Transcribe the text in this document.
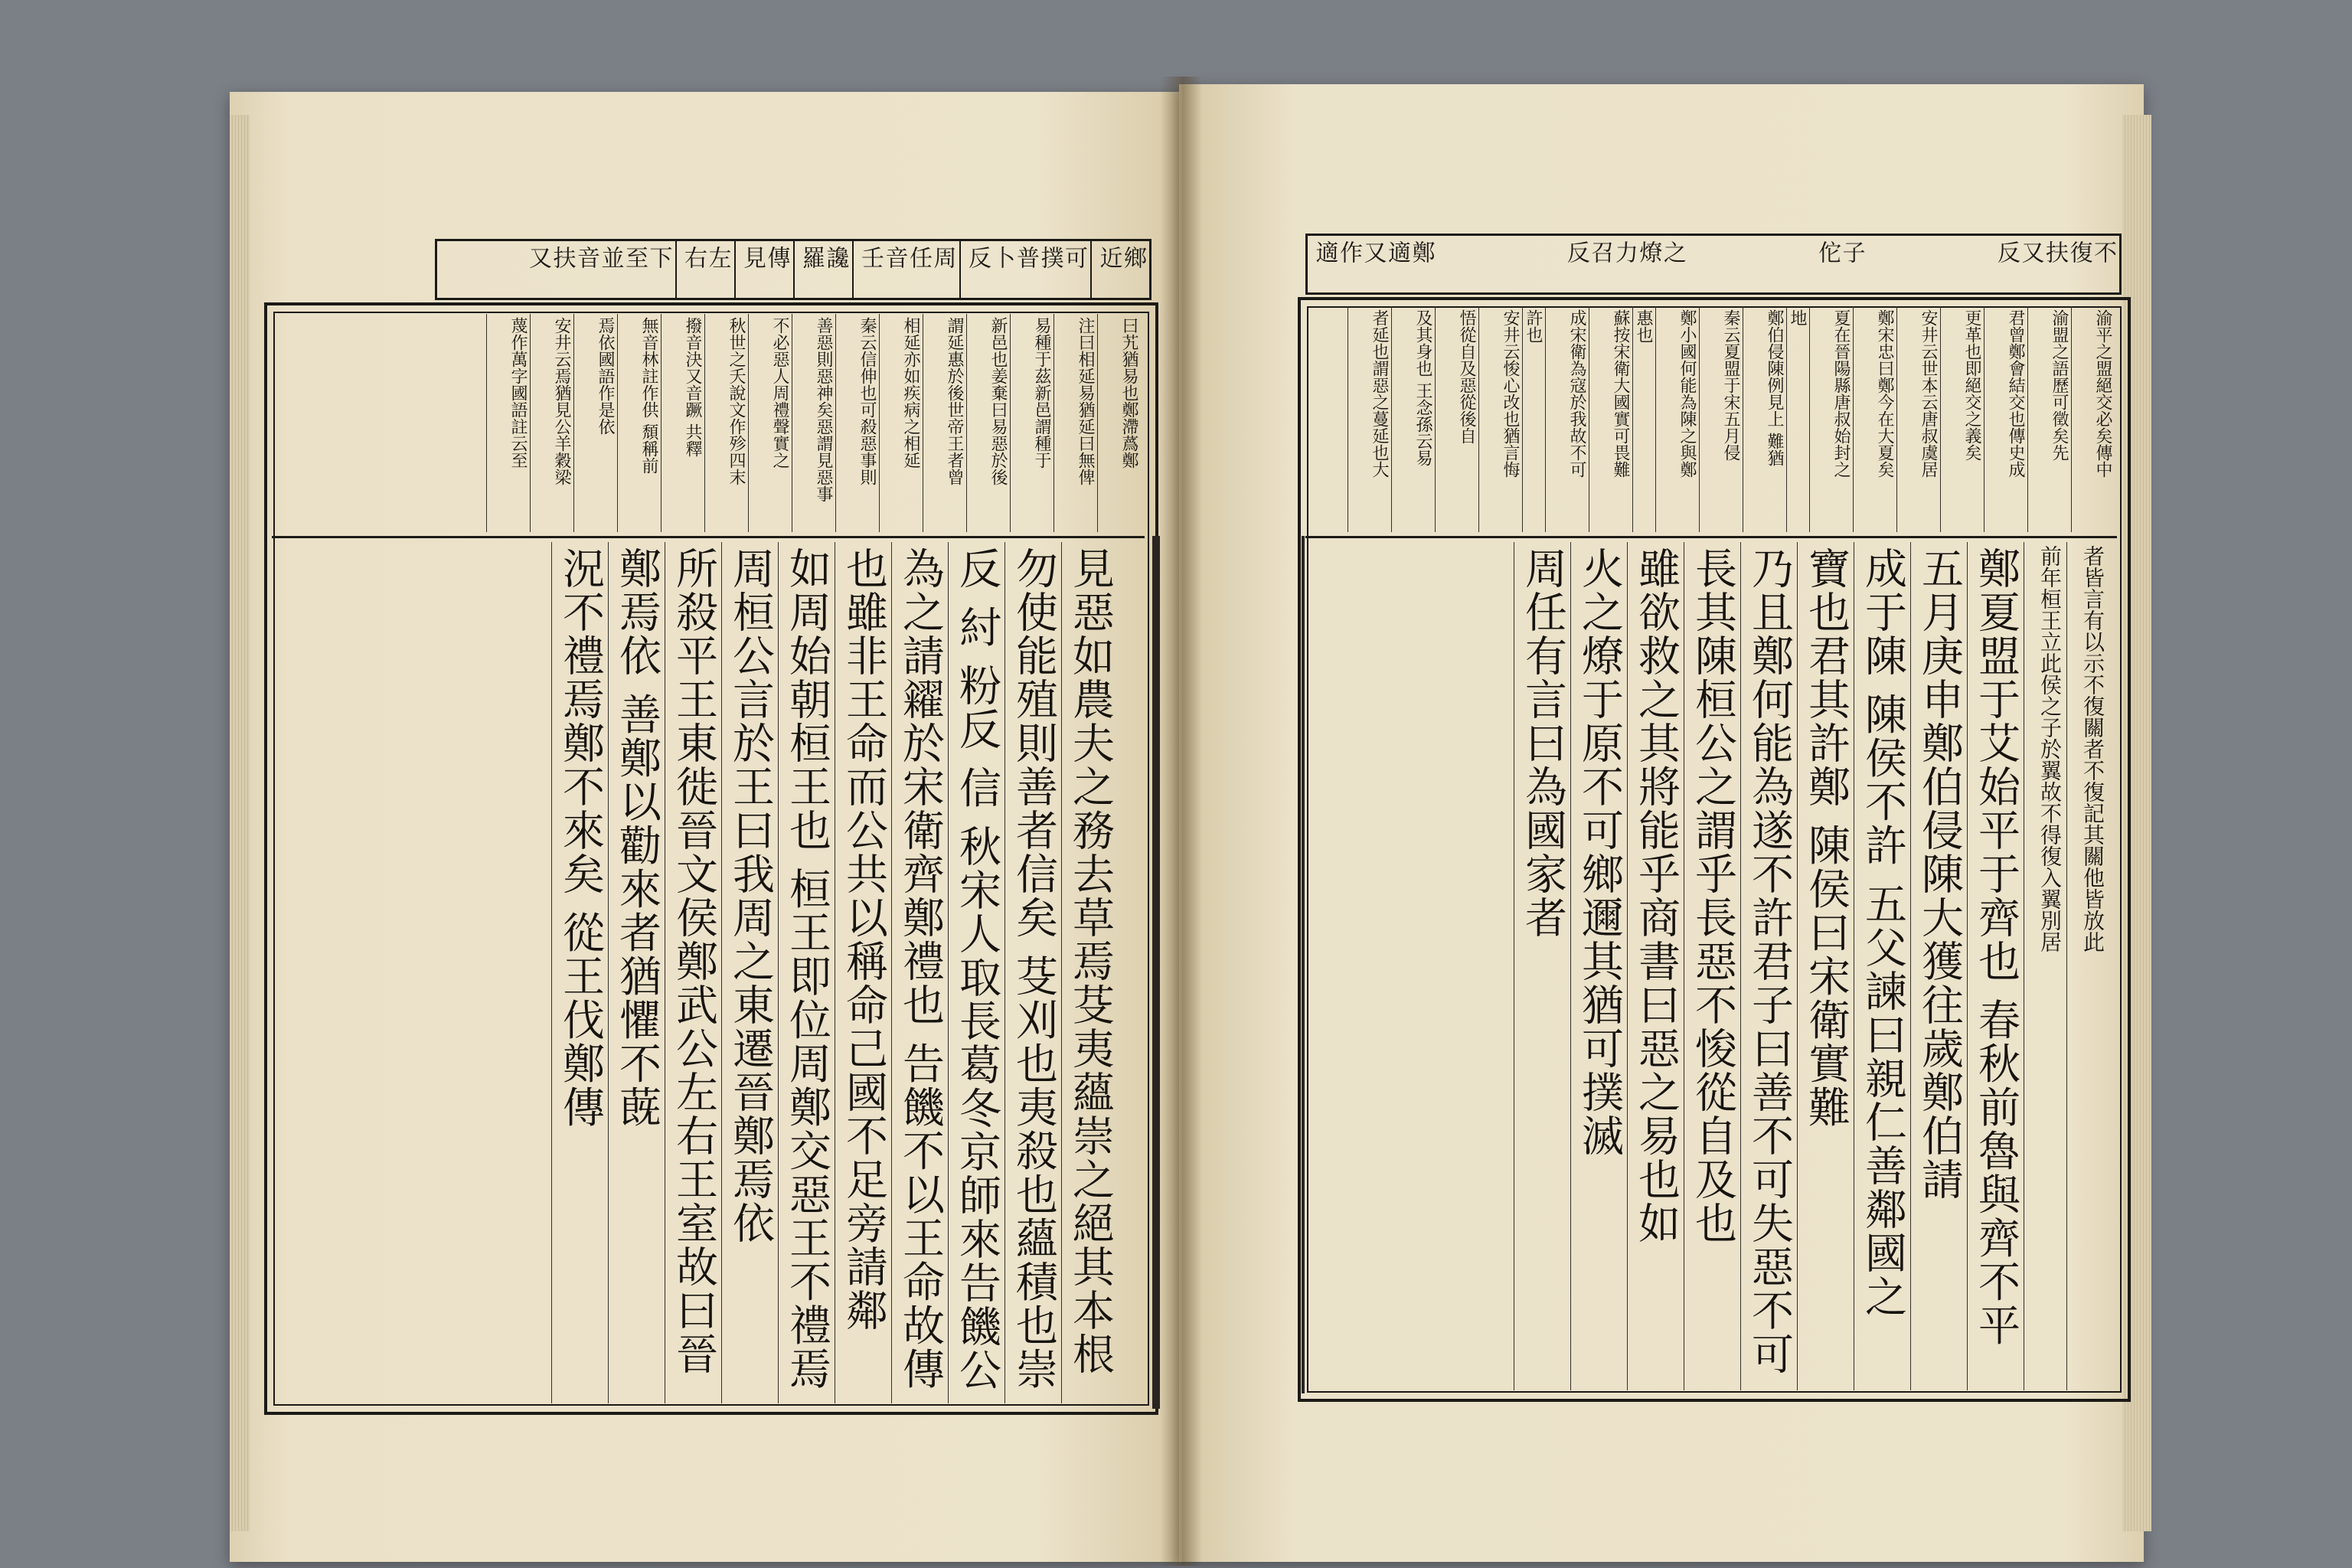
鄉近
可撲 普卜反
周任 音壬
讒羅
傳見
左右
下至並 音扶又
曰艽猶易也鄭滯蔿鄭
注曰相延易猶延曰無俾
易種于茲新邑謂種于
新邑也姜棄曰易惡於後
謂延惠於後世帝王者曾
相延亦如疾病之相延
秦云信伸也可殺惡事則
善惡則惡神矣惡謂見惡事
不必惡人周禮聲實之
秋世之夭說文作殄四末
撥音決又音蹶 共釋
無音林註作供 頹稱前
焉依國語作是依
安井云焉猶見公羊穀梁
蔑作萬字國語註云至
見惡如農夫之務去草焉芟夷蘊崇之絕其本根
勿使能殖則善者信矣 芟刈也夷殺也蘊積也崇
反 紂 粉反 信 秋宋人取長葛冬京師來告饑公
為之請糴於宋衛齊鄭禮也 告饑不以王命故傳
也雖非王命而公共以稱命己國不足旁請鄰
如周始朝桓王也 桓王即位周鄭交惡王不禮焉
周桓公言於王曰我周之東遷晉鄭焉依
所殺平王東徙晉文侯鄭武公左右王室故曰晉
鄭焉依 善鄭以勸來者猶懼不蔇
況不禮焉鄭不來矣 從王伐鄭傳
不復 扶又反
子佗
之燎 力召反
鄭適 又作適
渝平之盟絕交必矣傳中
渝盟之語歷可徵矣先
君曾鄭會結交也傳史成
更革也即絕交之義矣
安井云世本云唐叔虞居
鄭宋忠曰鄭今在大夏矣
夏在晉陽縣唐叔始封之
地
鄭伯侵陳例見上 難猶
秦云夏盟于宋五月侵
鄭小國何能為陳之與鄭
惠也
蘇按宋衛大國實可畏難
成宋衛為寇於我故不可
許也
安井云悛心改也猶言悔
悟從自及惡從後自
及其身也 王念孫云易
者延也謂惡之蔓延也大
者皆言有以示不復關者不復記其關他皆放此
前年桓王立此侯之子於翼故不得復入翼別居
鄭夏盟于艾始平于齊也 春秋前魯與齊不平
五月庚申鄭伯侵陳大獲往歲鄭伯請
成于陳 陳侯不許 五父諫曰親仁善鄰國之
寶也君其許鄭 陳侯曰宋衛實難
乃且鄭何能為遂不許君子曰善不可失惡不可
長其陳桓公之謂乎長惡不悛從自及也
雖欲救之其將能乎商書曰惡之易也如
火之燎于原不可鄉邇其猶可撲滅
周任有言曰為國家者
